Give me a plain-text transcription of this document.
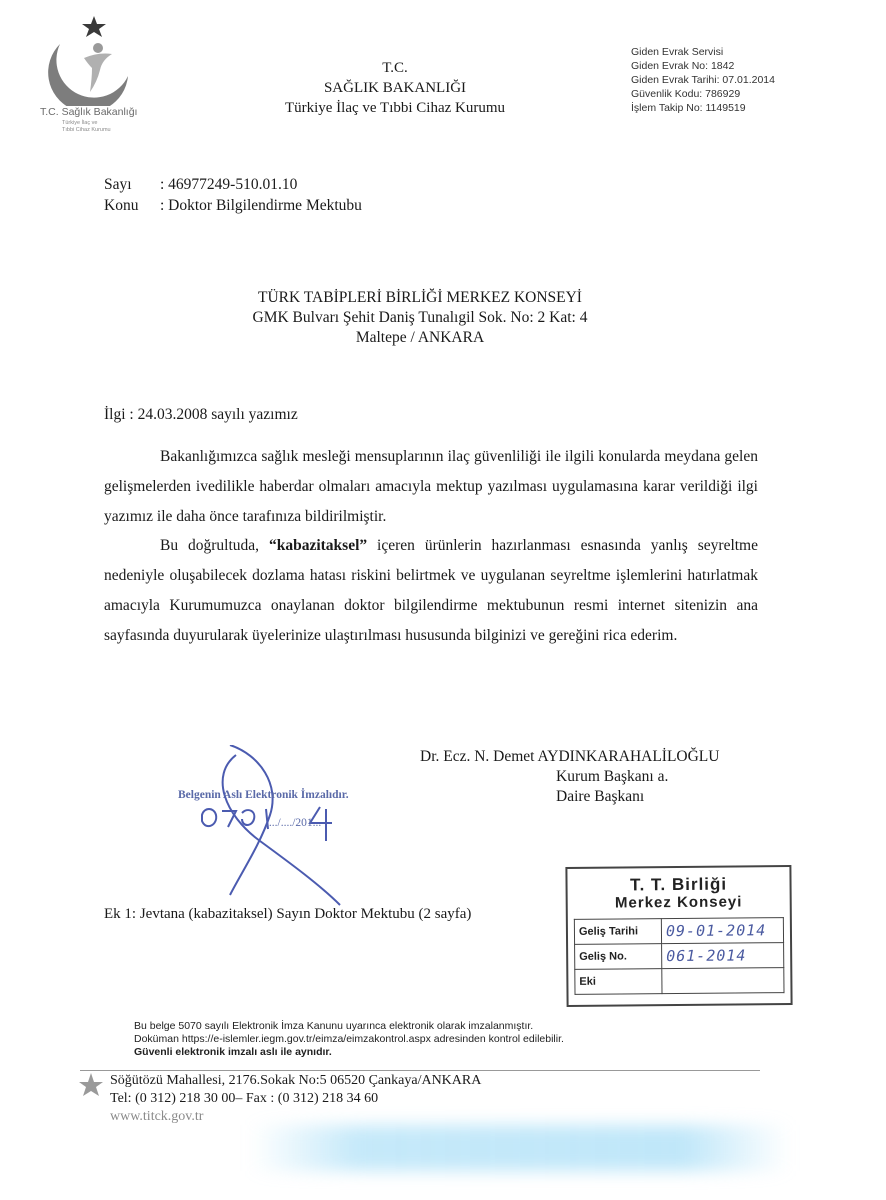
T.C. Sağlık Bakanlığı
Türkiye İlaç ve
Tıbbi Cihaz Kurumu
T.C.
SAĞLIK BAKANLIĞI
Türkiye İlaç ve Tıbbi Cihaz Kurumu
Giden Evrak Servisi
Giden Evrak No: 1842
Giden Evrak Tarihi: 07.01.2014
Güvenlik Kodu: 786929
İşlem Takip No: 1149519
Sayı	: 46977249-510.01.10
Konu	: Doktor Bilgilendirme Mektubu
TÜRK TABİPLERİ BİRLİĞİ MERKEZ KONSEYİ
GMK Bulvarı Şehit Daniş Tunalıgil Sok. No: 2 Kat: 4
Maltepe / ANKARA
İlgi : 24.03.2008 sayılı yazımız

Bakanlığımızca sağlık mesleği mensuplarının ilaç güvenliliği ile ilgili konularda meydana gelen gelişmelerden ivedilikle haberdar olmaları amacıyla mektup yazılması uygulamasına karar verildiği ilgi yazımız ile daha önce tarafınıza bildirilmiştir.

Bu doğrultuda, “kabazitaksel” içeren ürünlerin hazırlanması esnasında yanlış seyreltme nedeniyle oluşabilecek dozlama hatası riskini belirtmek ve uygulanan seyreltme işlemlerini hatırlatmak amacıyla Kurumumuzca onaylanan doktor bilgilendirme mektubunun resmi internet sitenizin ana sayfasında duyurularak üyelerinize ulaştırılması hususunda bilginizi ve gereğini rica ederim.

Belgenin Aslı Elektronik İmzalıdır.
..../..../201...
Dr. Ecz. N. Demet AYDINKARAHALİLOĞLU
Kurum Başkanı a.
Daire Başkanı
Ek 1: Jevtana (kabazitaksel) Sayın Doktor Mektubu (2 sayfa)
T. T. Birliği
Merkez Konseyi
Geliş Tarihi	09-01-2014
Geliş No.	061-2014
Eki	
Bu belge 5070 sayılı Elektronik İmza Kanunu uyarınca elektronik olarak imzalanmıştır.
Doküman https://e-islemler.iegm.gov.tr/eimza/eimzakontrol.aspx adresinden kontrol edilebilir.
Güvenli elektronik imzalı aslı ile aynıdır.
Söğütözü Mahallesi, 2176.Sokak No:5 06520 Çankaya/ANKARA
Tel: (0 312) 218 30 00– Fax : (0 312) 218 34 60
www.titck.gov.tr
